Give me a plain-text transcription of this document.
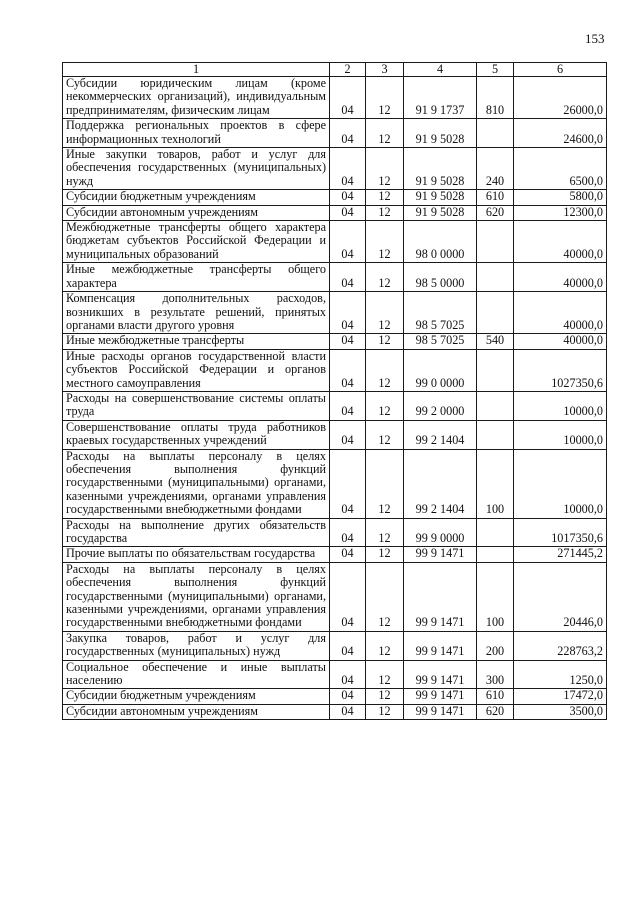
153
1	2	3	4	5	6

Субсидии юридическим лицам (кроме некоммерческих организаций), индивидуальным предпринимателям, физическим лицам	04	12	91 9 1737	810	26000,0

Поддержка региональных проектов в сфере информационных технологий	04	12	91 9 5028		24600,0

Иные закупки товаров, работ и услуг для обеспечения государственных (муниципальных) нужд	04	12	91 9 5028	240	6500,0

Субсидии бюджетным учреждениям	04	12	91 9 5028	610	5800,0

Субсидии автономным учреждениям	04	12	91 9 5028	620	12300,0

Межбюджетные трансферты общего характера бюджетам субъектов Российской Федерации и муниципальных образований	04	12	98 0 0000		40000,0

Иные межбюджетные трансферты общего характера	04	12	98 5 0000		40000,0

Компенсация дополнительных расходов, возникших в результате решений, принятых органами власти другого уровня	04	12	98 5 7025		40000,0

Иные межбюджетные трансферты	04	12	98 5 7025	540	40000,0

Иные расходы органов государственной власти субъектов Российской Федерации и органов местного самоуправления	04	12	99 0 0000		1027350,6

Расходы на совершенствование системы оплаты труда	04	12	99 2 0000		10000,0

Совершенствование оплаты труда работников краевых государственных учреждений	04	12	99 2 1404		10000,0

Расходы на выплаты персоналу в целях обеспечения выполнения функций государственными (муниципальными) органами, казенными учреждениями, органами управления государственными внебюджетными фондами	04	12	99 2 1404	100	10000,0

Расходы на выполнение других обязательств государства	04	12	99 9 0000		1017350,6

Прочие выплаты по обязательствам государства	04	12	99 9 1471		271445,2

Расходы на выплаты персоналу в целях обеспечения выполнения функций государственными (муниципальными) органами, казенными учреждениями, органами управления государственными внебюджетными фондами	04	12	99 9 1471	100	20446,0

Закупка товаров, работ и услуг для государственных (муниципальных) нужд	04	12	99 9 1471	200	228763,2

Социальное обеспечение и иные выплаты населению	04	12	99 9 1471	300	1250,0

Субсидии бюджетным учреждениям	04	12	99 9 1471	610	17472,0

Субсидии автономным учреждениям	04	12	99 9 1471	620	3500,0
